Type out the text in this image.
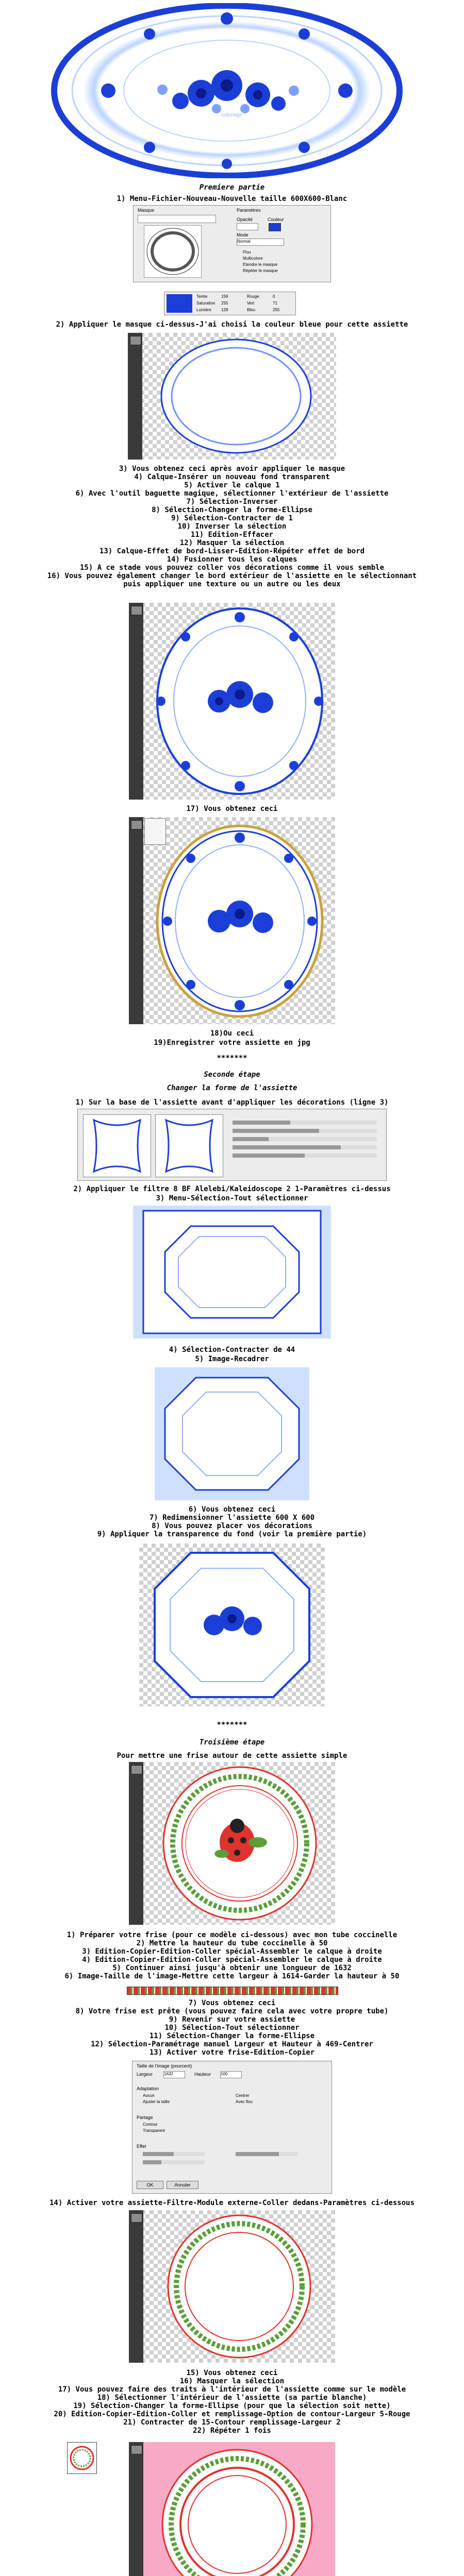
coloriage
Premiere partie
1) Menu-Fichier-Nouveau-Nouvelle taille 600X600-Blanc
Masque	Paramètres
Opacité	Couleur
Mode
Normal
Flou
Multicolore
Etendre le masque
Répéter le masque
Teinte	159
Saturation 255
Lumière 128
Rouge	0
Vert	71
Bleu	255
2) Appliquer le masque ci-dessus-J'ai choisi la couleur bleue pour cette assiette
3) Vous obtenez ceci après avoir appliquer le masque
4) Calque-Insérer un nouveau fond transparent
5) Activer le calque 1
6) Avec l'outil baguette magique, sélectionner l'extérieur de l'assiette
7) Sélection-Inverser
8) Sélection-Changer la forme-Ellipse
9) Sélection-Contracter de 1
10) Inverser la sélection
11) Edition-Effacer
12) Masquer la sélection
13) Calque-Effet de bord-Lisser-Edition-Répéter effet de bord
14) Fusionner tous les calques
15) A ce stade vous pouvez coller vos décorations comme il vous semble
16) Vous pouvez également changer le bord extérieur de l'assiette en le sélectionnant
puis appliquer une texture ou un autre ou les deux
17) Vous obtenez ceci
18)Ou ceci
19)Enregistrer votre assiette en jpg
*******
Seconde étape
Changer la forme de l'assiette
1) Sur la base de l'assiette avant d'appliquer les décorations (ligne 3)
2) Appliquer le filtre 8 BF Alelebi/Kaleidoscope 2 1-Paramètres ci-dessus
3) Menu-Sélection-Tout sélectionner
4) Sélection-Contracter de 44
5) Image-Recadrer
6) Vous obtenez ceci
7) Redimensionner l'assiette 600 X 600
8) Vous pouvez placer vos décorations
9) Appliquer la transparence du fond (voir la première partie)
*******
Troisième étape
Pour mettre une frise autour de cette assiette simple
1) Préparer votre frise (pour ce modèle ci-dessous) avec mon tube coccinelle
2) Mettre la hauteur du tube coccinelle à 50
3) Edition-Copier-Edition-Coller spécial-Assembler le calque à droite
4) Edition-Copier-Edition-Coller spécial-Assembler le calque à droite
5) Continuer ainsi jusqu'à obtenir une longueur de 1632
6) Image-Taille de l'image-Mettre cette largeur à 1614-Garder la hauteur à 50
7) Vous obtenez ceci
8) Votre frise est prête (vous pouvez faire cela avec votre propre tube)
9) Revenir sur votre assiette
10) Sélection-Tout sélectionner
11) Sélection-Changer la forme-Ellipse
12) Sélection-Paramétrage manuel Largeur et Hauteur à 469-Centrer
13) Activer votre frise-Edition-Copier
Taille de l'image (pourcent)
Largeur	1632	Hauteur 100
Adaptation
Aucun
Ajuster la taille
Centrer
Avec flou
Partage
Contour
Transparent
Effet
OK	Annuler
14) Activer votre assiette-Filtre-Module externe-Coller dedans-Paramètres ci-dessous
15) Vous obtenez ceci
16) Masquer la sélection
17) Vous pouvez faire des traits à l'intérieur de l'assiette comme sur le modèle
18) Sélectionner l'intérieur de l'assiette (sa partie blanche)
19) Sélection-Changer la forme-Ellipse (pour que la sélection soit nette)
20) Edition-Copier-Edition-Coller et remplissage-Option de contour-Largeur 5-Rouge
21) Contracter de 15-Contour remplissage-Largeur 2
22) Répéter 1 fois
